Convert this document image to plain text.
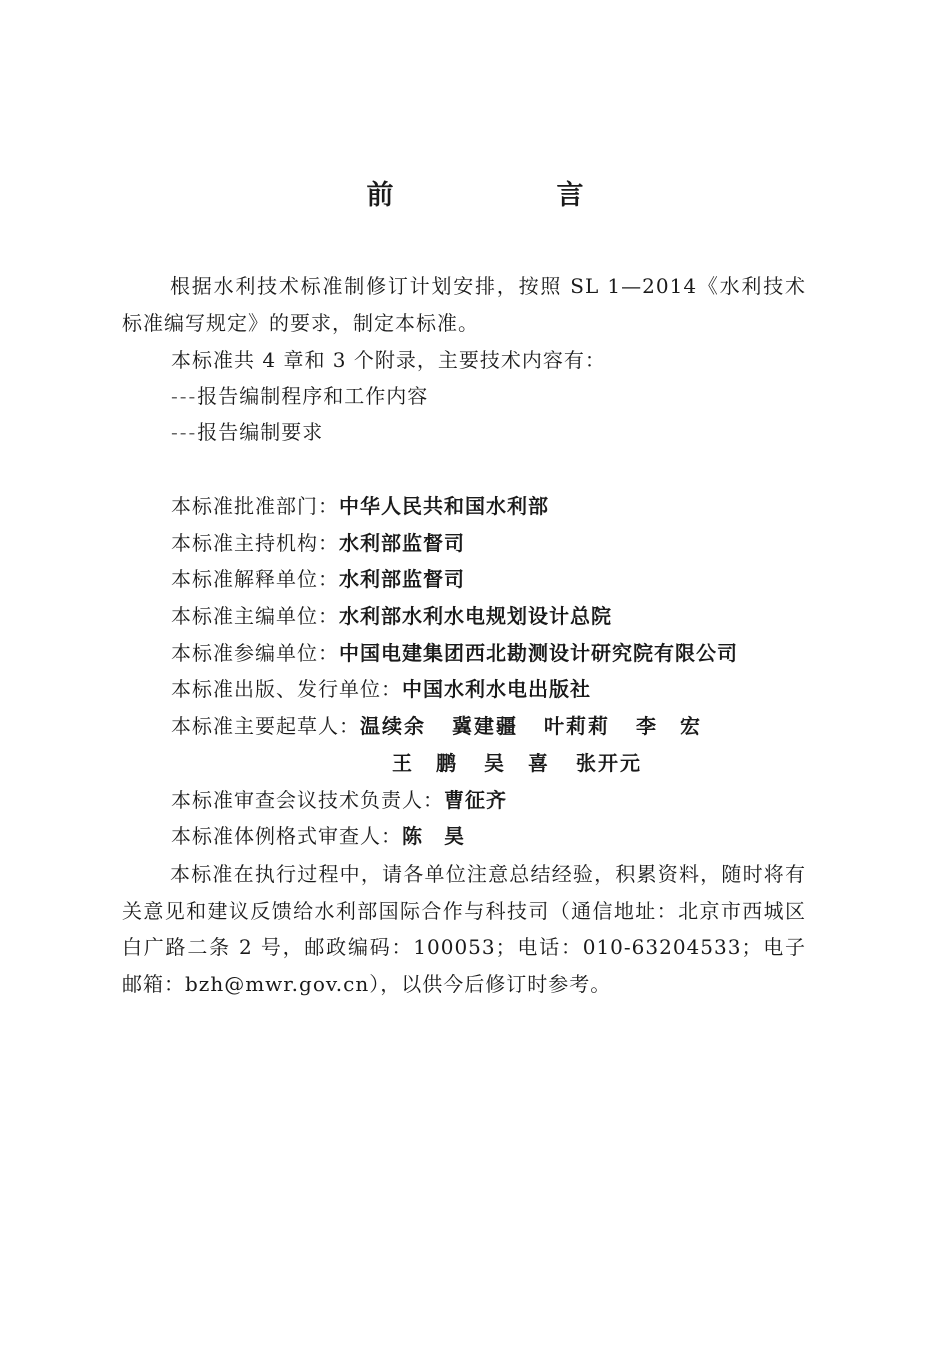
前　言

根据水利技术标准制修订计划安排，按照 SL 1—2014《水利技术标准编写规定》的要求，制定本标准。

本标准共 4 章和 3 个附录，主要技术内容有：
---报告编制程序和工作内容
---报告编制要求
本标准批准部门：中华人民共和国水利部
本标准主持机构：水利部监督司
本标准解释单位：水利部监督司
本标准主编单位：水利部水利水电规划设计总院
本标准参编单位：中国电建集团西北勘测设计研究院有限公司
本标准出版、发行单位：中国水利水电出版社
本标准主要起草人：温续余 冀建疆 叶莉莉 李　宏
王　鹏 吴　喜 张开元
本标准审查会议技术负责人：曹征齐
本标准体例格式审查人：陈　昊

本标准在执行过程中，请各单位注意总结经验，积累资料，随时将有关意见和建议反馈给水利部国际合作与科技司（通信地址：北京市西城区白广路二条 2 号，邮政编码：100053；电话：010-63204533；电子邮箱：bzh@mwr.gov.cn），以供今后修订时参考。
